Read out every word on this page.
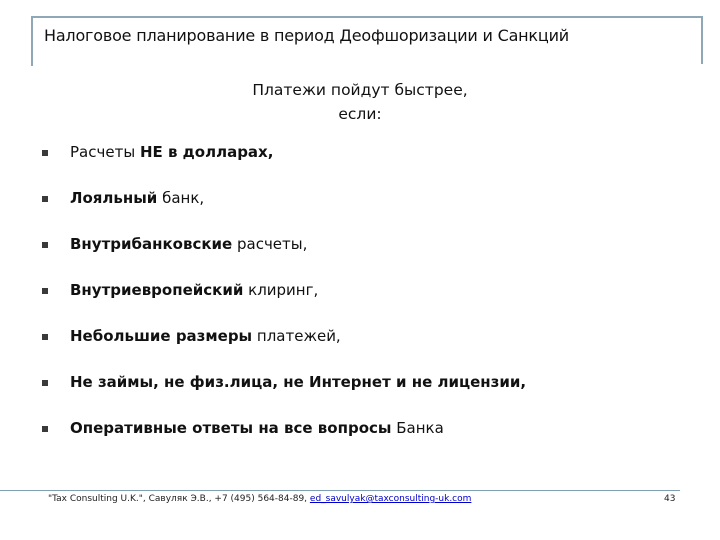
Налоговое планирование в период Деофшоризации и Санкций
Платежи пойдут быстрее,
если:
Расчеты НЕ в долларах,
Лояльный банк,
Внутрибанковские расчеты,
Внутриевропейский клиринг,
Небольшие размеры платежей,
Не займы, не физ.лица, не Интернет и не лицензии,
Оперативные ответы на все вопросы Банка
"Tax Consulting U.K.", Савуляк Э.В., +7 (495) 564-84-89, ed_savulyak@taxconsulting-uk.com	43
